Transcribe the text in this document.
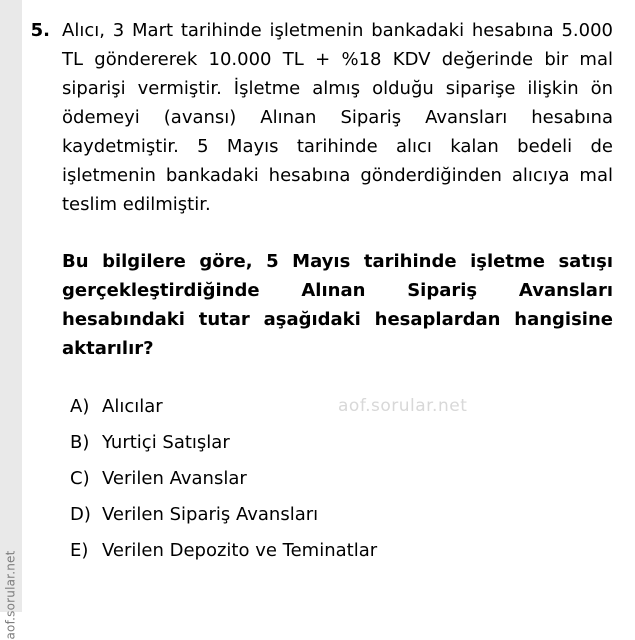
aof.sorular.net
aof.sorular.net
5. Alıcı, 3 Mart tarihinde işletmenin bankadaki hesabına 5.000 TL göndererek 10.000 TL + %18 KDV değerinde bir mal siparişi vermiştir. İşletme almış olduğu siparişe ilişkin ön ödemeyi (avansı) Alınan Sipariş Avansları hesabına kaydetmiştir. 5 Mayıs tarihinde alıcı kalan bedeli de işletmenin bankadaki hesabına gönderdiğinden alıcıya mal teslim edilmiştir.

Bu bilgilere göre, 5 Mayıs tarihinde işletme satışı gerçekleştirdiğinde Alınan Sipariş Avansları hesabındaki tutar aşağıdaki hesaplardan hangisine aktarılır?

A) Alıcılar
B) Yurtiçi Satışlar
C) Verilen Avanslar
D) Verilen Sipariş Avansları
E) Verilen Depozito ve Teminatlar
